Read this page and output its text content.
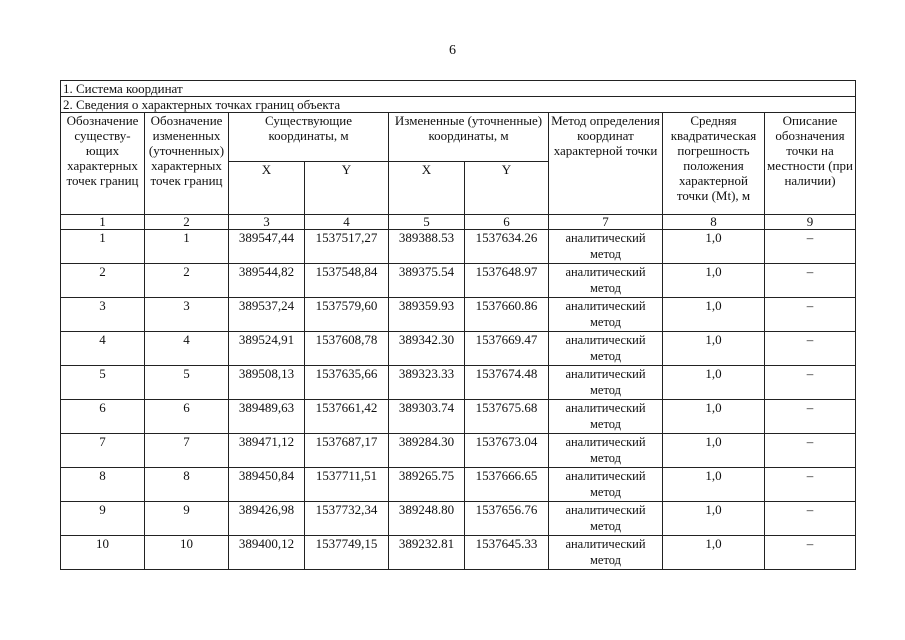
6
1. Система координат								
2. Сведения о характерных точках границ объекта								
Обозначение существу- ющих характерных точек границ	Обозначение измененных (уточненных) характерных точек границ	Существующие координаты, м		Измененные (уточненные) координаты, м		Метод определения координат характерной точки	Средняя квадратическая погрешность положения характерной точки (Mt), м	Описание обозначения точки на местности (при наличии)
		X	Y	X	Y			
1	2	3	4	5	6	7	8	9
1	1	389547,44	1537517,27	389388.53	1537634.26	аналитический метод	1,0	–
2	2	389544,82	1537548,84	389375.54	1537648.97	аналитический метод	1,0	–
3	3	389537,24	1537579,60	389359.93	1537660.86	аналитический метод	1,0	–
4	4	389524,91	1537608,78	389342.30	1537669.47	аналитический метод	1,0	–
5	5	389508,13	1537635,66	389323.33	1537674.48	аналитический метод	1,0	–
6	6	389489,63	1537661,42	389303.74	1537675.68	аналитический метод	1,0	–
7	7	389471,12	1537687,17	389284.30	1537673.04	аналитический метод	1,0	–
8	8	389450,84	1537711,51	389265.75	1537666.65	аналитический метод	1,0	–
9	9	389426,98	1537732,34	389248.80	1537656.76	аналитический метод	1,0	–
10	10	389400,12	1537749,15	389232.81	1537645.33	аналитический метод	1,0	–
